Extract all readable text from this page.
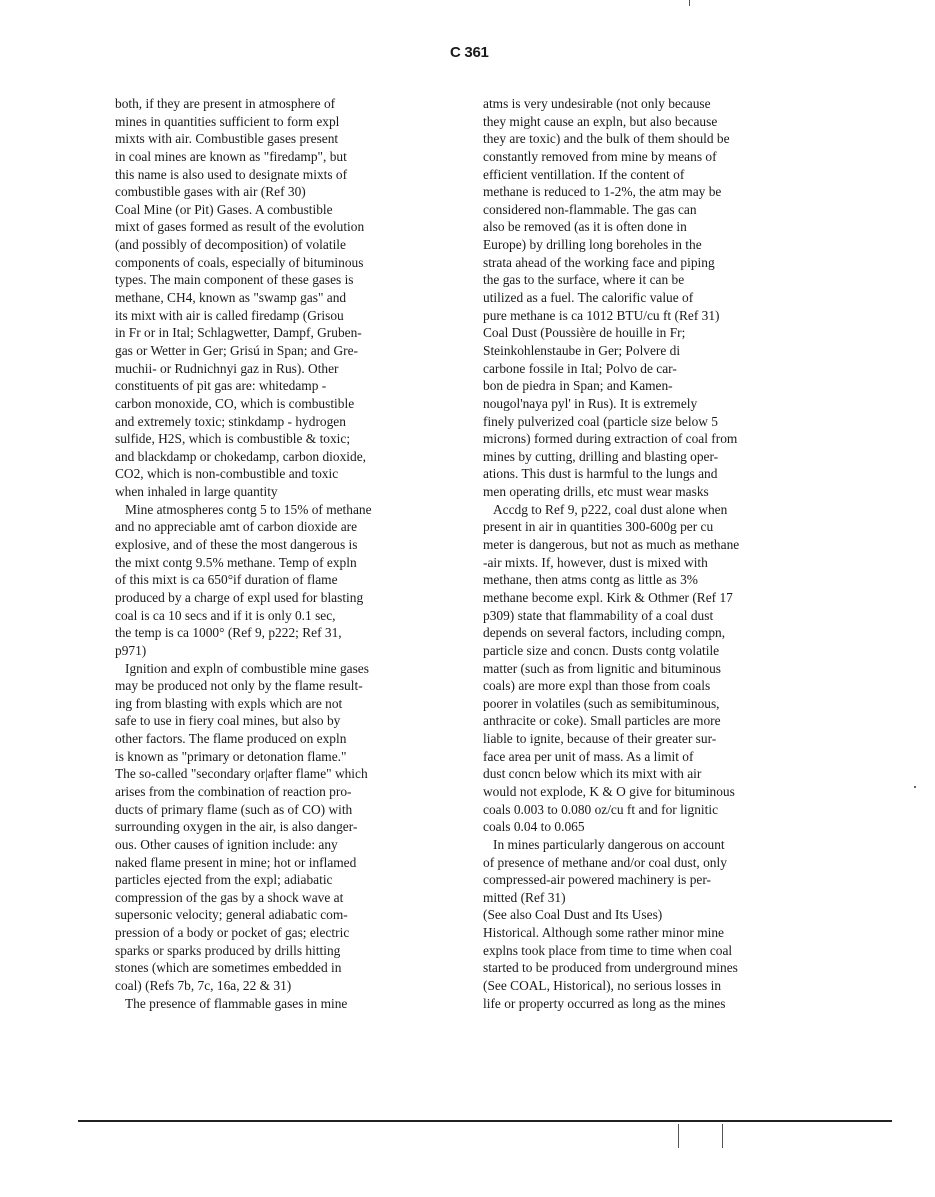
C 361
both, if they are present in atmosphere of
mines in quantities sufficient to form expl
mixts with air. Combustible gases present
in coal mines are known as "firedamp", but
this name is also used to designate mixts of
combustible gases with air (Ref 30)
Coal Mine (or Pit) Gases. A combustible
mixt of gases formed as result of the evolution
(and possibly of decomposition) of volatile
components of coals, especially of bituminous
types. The main component of these gases is
methane, CH4, known as "swamp gas" and
its mixt with air is called firedamp (Grisou
in Fr or in Ital; Schlagwetter, Dampf, Gruben-
gas or Wetter in Ger; Grisú in Span; and Gre-
muchii- or Rudnichnyi gaz in Rus). Other
constituents of pit gas are: whitedamp -
carbon monoxide, CO, which is combustible
and extremely toxic; stinkdamp - hydrogen
sulfide, H2S, which is combustible & toxic;
and blackdamp or chokedamp, carbon dioxide,
CO2, which is non-combustible and toxic
when inhaled in large quantity
Mine atmospheres contg 5 to 15% of methane
and no appreciable amt of carbon dioxide are
explosive, and of these the most dangerous is
the mixt contg 9.5% methane. Temp of expln
of this mixt is ca 650°if duration of flame
produced by a charge of expl used for blasting
coal is ca 10 secs and if it is only 0.1 sec,
the temp is ca 1000° (Ref 9, p222; Ref 31,
p971)
Ignition and expln of combustible mine gases
may be produced not only by the flame result-
ing from blasting with expls which are not
safe to use in fiery coal mines, but also by
other factors. The flame produced on expln
is known as "primary or detonation flame."
The so-called "secondary or|after flame" which
arises from the combination of reaction pro-
ducts of primary flame (such as of CO) with
surrounding oxygen in the air, is also danger-
ous. Other causes of ignition include: any
naked flame present in mine; hot or inflamed
particles ejected from the expl; adiabatic
compression of the gas by a shock wave at
supersonic velocity; general adiabatic com-
pression of a body or pocket of gas; electric
sparks or sparks produced by drills hitting
stones (which are sometimes embedded in
coal) (Refs 7b, 7c, 16a, 22 & 31)
The presence of flammable gases in mine
atms is very undesirable (not only because
they might cause an expln, but also because
they are toxic) and the bulk of them should be
constantly removed from mine by means of
efficient ventillation. If the content of
methane is reduced to 1-2%, the atm may be
considered non-flammable. The gas can
also be removed (as it is often done in
Europe) by drilling long boreholes in the
strata ahead of the working face and piping
the gas to the surface, where it can be
utilized as a fuel. The calorific value of
pure methane is ca 1012 BTU/cu ft (Ref 31)
Coal Dust (Poussière de houille in Fr;
Steinkohlenstaube in Ger; Polvere di
carbone fossile in Ital; Polvo de car-
bon de piedra in Span; and Kamen-
nougol'naya pyl' in Rus). It is extremely
finely pulverized coal (particle size below 5
microns) formed during extraction of coal from
mines by cutting, drilling and blasting oper-
ations. This dust is harmful to the lungs and
men operating drills, etc must wear masks
Accdg to Ref 9, p222, coal dust alone when
present in air in quantities 300-600g per cu
meter is dangerous, but not as much as methane
-air mixts. If, however, dust is mixed with
methane, then atms contg as little as 3%
methane become expl. Kirk & Othmer (Ref 17
p309) state that flammability of a coal dust
depends on several factors, including compn,
particle size and concn. Dusts contg volatile
matter (such as from lignitic and bituminous
coals) are more expl than those from coals
poorer in volatiles (such as semibituminous,
anthracite or coke). Small particles are more
liable to ignite, because of their greater sur-
face area per unit of mass. As a limit of
dust concn below which its mixt with air
would not explode, K & O give for bituminous
coals 0.003 to 0.080 oz/cu ft and for lignitic
coals 0.04 to 0.065
In mines particularly dangerous on account
of presence of methane and/or coal dust, only
compressed-air powered machinery is per-
mitted (Ref 31)
(See also Coal Dust and Its Uses)
Historical. Although some rather minor mine
explns took place from time to time when coal
started to be produced from underground mines
(See COAL, Historical), no serious losses in
life or property occurred as long as the mines
